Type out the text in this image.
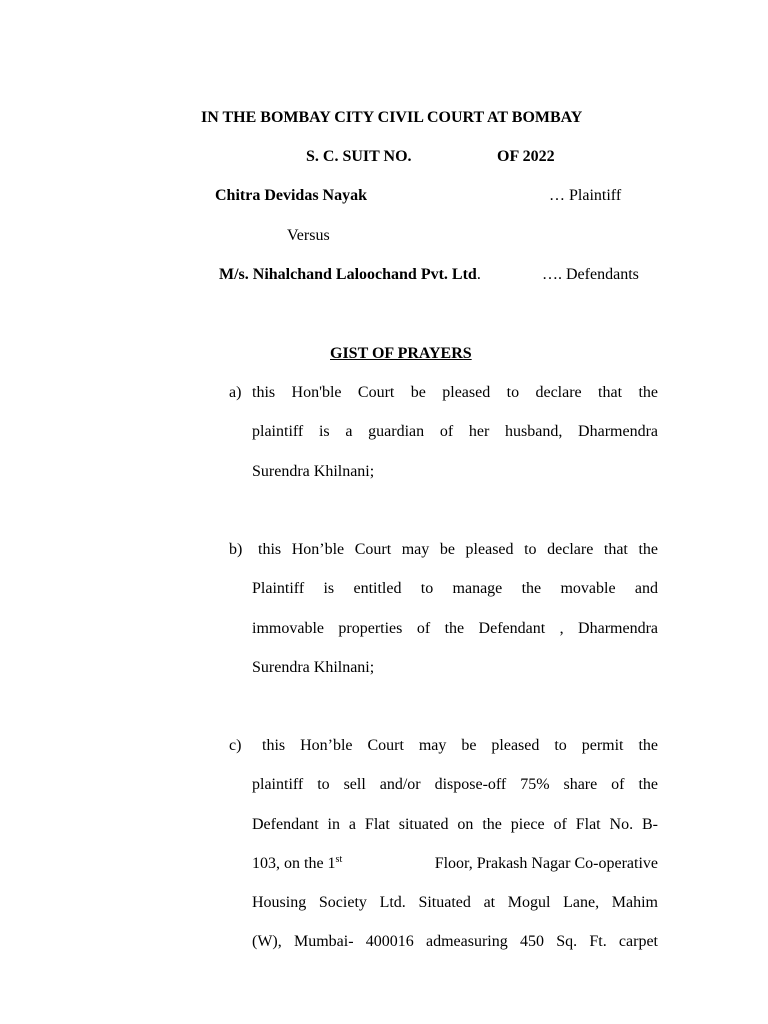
IN THE BOMBAY CITY CIVIL COURT AT BOMBAY
S. C. SUIT NO.	OF 2022
Chitra Devidas Nayak	… Plaintiff
Versus
M/s. Nihalchand Laloochand Pvt. Ltd.	…. Defendants
GIST OF PRAYERS
a) this Hon'ble Court be pleased to declare that the
plaintiff is a guardian of her husband, Dharmendra
Surendra Khilnani;
b) this Hon’ble Court may be pleased to declare that the
Plaintiff is entitled to manage the movable and
immovable properties of the Defendant , Dharmendra
Surendra Khilnani;
c) this Hon’ble Court may be pleased to permit the
plaintiff to sell and/or dispose-off 75% share of the
Defendant in a Flat situated on the piece of Flat No. B-
103, on the 1st	Floor, Prakash Nagar Co-operative
Housing Society Ltd. Situated at Mogul Lane, Mahim
(W), Mumbai- 400016 admeasuring 450 Sq. Ft. carpet
